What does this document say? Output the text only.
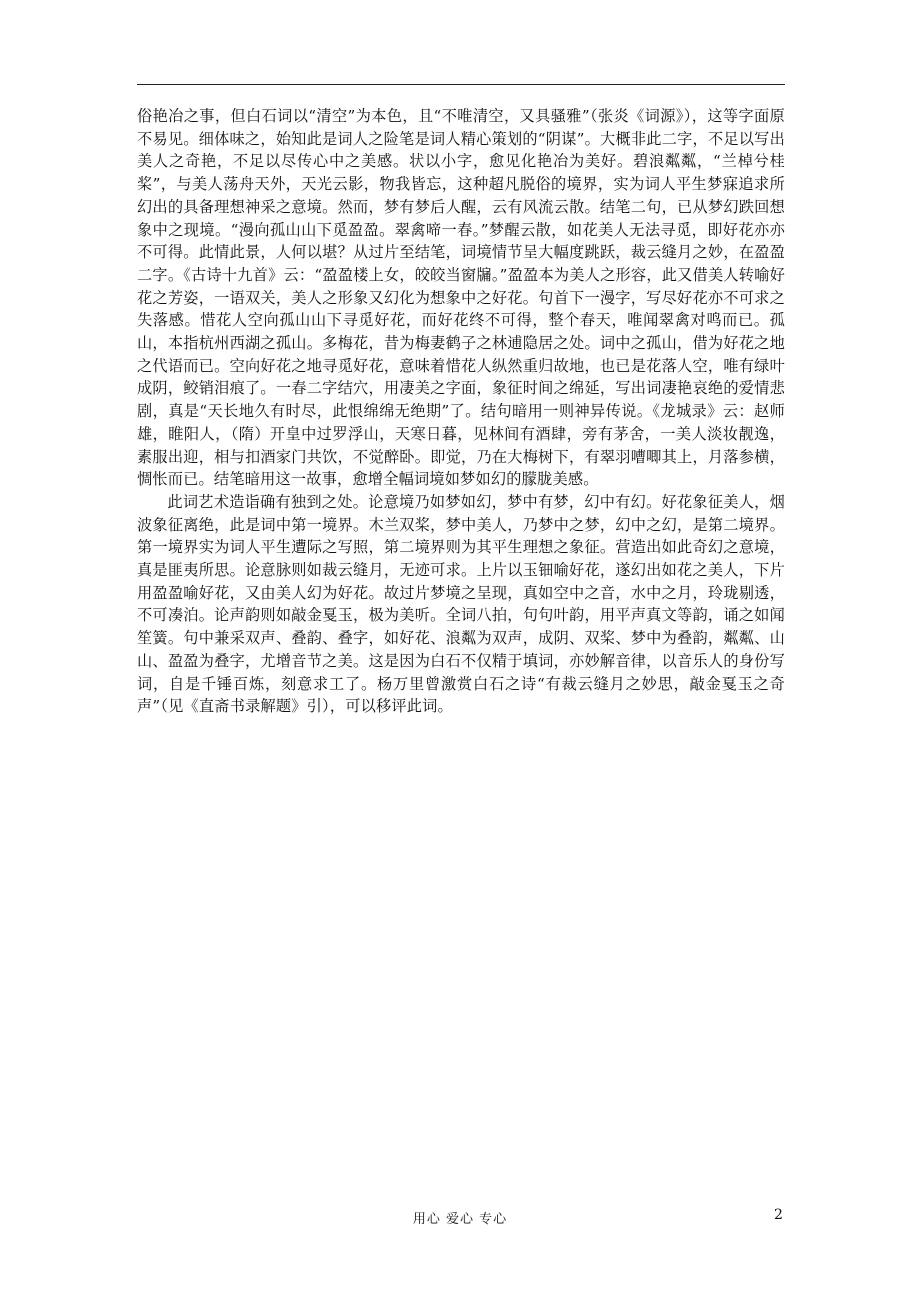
俗艳冶之事，但白石词以“清空”为本色，且“不唯清空，又具骚雅”（张炎《词源》），这等字面原不易见。细体味之，始知此是词人之险笔是词人精心策划的“阴谋”。大概非此二字，不足以写出美人之奇艳，不足以尽传心中之美感。状以小字，愈见化艳冶为美好。碧浪粼粼，“兰棹兮桂桨”，与美人荡舟天外，天光云影，物我皆忘，这种超凡脱俗的境界，实为词人平生梦寐追求所幻出的具备理想神采之意境。然而，梦有梦后人醒，云有风流云散。结笔二句，已从梦幻跌回想象中之现境。“漫向孤山山下觅盈盈。翠禽啼一春。”梦醒云散，如花美人无法寻觅，即好花亦亦不可得。此情此景，人何以堪？从过片至结笔，词境情节呈大幅度跳跃，裁云缝月之妙，在盈盈二字。《古诗十九首》云：“盈盈楼上女，皎皎当窗牖。”盈盈本为美人之形容，此又借美人转喻好花之芳姿，一语双关，美人之形象又幻化为想象中之好花。句首下一漫字，写尽好花亦不可求之失落感。惜花人空向孤山山下寻觅好花，而好花终不可得，整个春天，唯闻翠禽对鸣而已。孤山，本指杭州西湖之孤山。多梅花，昔为梅妻鹤子之林逋隐居之处。词中之孤山，借为好花之地之代语而已。空向好花之地寻觅好花，意味着惜花人纵然重归故地，也已是花落人空，唯有绿叶成阴，鲛销泪痕了。一春二字结穴，用凄美之字面，象征时间之绵延，写出词凄艳哀绝的爱情悲剧，真是“天长地久有时尽，此恨绵绵无绝期”了。结句暗用一则神异传说。《龙城录》云：赵师雄，睢阳人，（隋）开皇中过罗浮山，天寒日暮，见林间有酒肆，旁有茅舍，一美人淡妆靓逸，素服出迎，相与扣酒家门共饮，不觉醉卧。即觉，乃在大梅树下，有翠羽嘈唧其上，月落参横，惆怅而已。结笔暗用这一故事，愈增全幅词境如梦如幻的朦胧美感。

此词艺术造诣确有独到之处。论意境乃如梦如幻，梦中有梦，幻中有幻。好花象征美人，烟波象征离绝，此是词中第一境界。木兰双桨，梦中美人，乃梦中之梦，幻中之幻，是第二境界。第一境界实为词人平生遭际之写照，第二境界则为其平生理想之象征。营造出如此奇幻之意境，真是匪夷所思。论意脉则如裁云缝月，无迹可求。上片以玉钿喻好花，遂幻出如花之美人，下片用盈盈喻好花，又由美人幻为好花。故过片梦境之呈现，真如空中之音，水中之月，玲珑剔透，不可凑泊。论声韵则如敲金戛玉，极为美听。全词八拍，句句叶韵，用平声真文等韵，诵之如闻笙簧。句中兼采双声、叠韵、叠字，如好花、浪粼为双声，成阴、双桨、梦中为叠韵，粼粼、山山、盈盈为叠字，尤增音节之美。这是因为白石不仅精于填词，亦妙解音律，以音乐人的身份写词，自是千锤百炼，刻意求工了。杨万里曾激赏白石之诗“有裁云缝月之妙思，敲金戛玉之奇声”（见《直斋书录解题》引），可以移评此词。

用心 爱心 专心	2
